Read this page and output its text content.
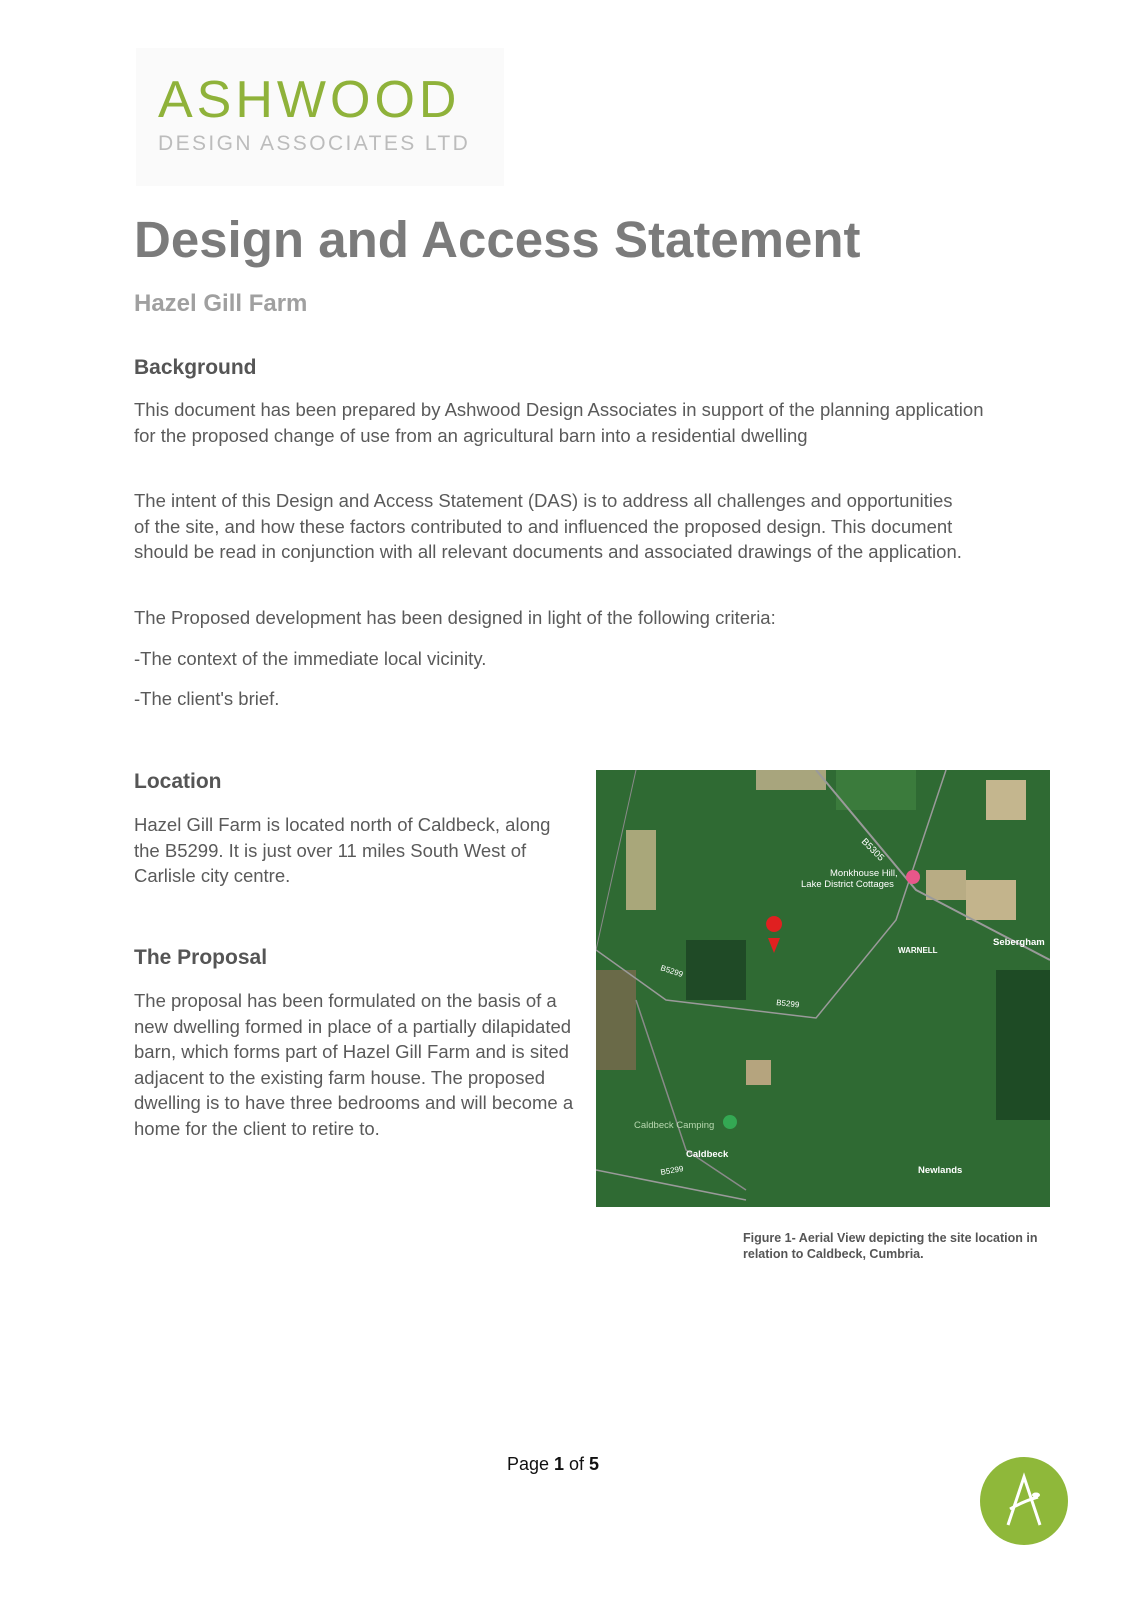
ASHWOOD
DESIGN ASSOCIATES LTD
Design and Access Statement
Hazel Gill Farm
Background

This document has been prepared by Ashwood Design Associates in support of the planning application for the proposed change of use from an agricultural barn into a residential dwelling

The intent of this Design and Access Statement (DAS) is to address all challenges and opportunities of the site, and how these factors contributed to and influenced the proposed design. This document should be read in conjunction with all relevant documents and associated drawings of the application.

The Proposed development has been designed in light of the following criteria:

-The context of the immediate local vicinity.

-The client's brief.

Location

Hazel Gill Farm is located north of Caldbeck, along the B5299. It is just over 11 miles South West of Carlisle city centre.

The Proposal

The proposal has been formulated on the basis of a new dwelling formed in place of a partially dilapidated barn, which forms part of Hazel Gill Farm and is sited adjacent to the existing farm house. The proposed dwelling is to have three bedrooms and will become a home for the client to retire to.

B5305
Monkhouse Hill,
Lake District Cottages
WARNELL
Sebergham
B5299
B5299
Caldbeck Camping
Caldbeck
B5299	Newlands
Figure 1- Aerial View depicting the site location in relation to Caldbeck, Cumbria.
Page 1 of 5
